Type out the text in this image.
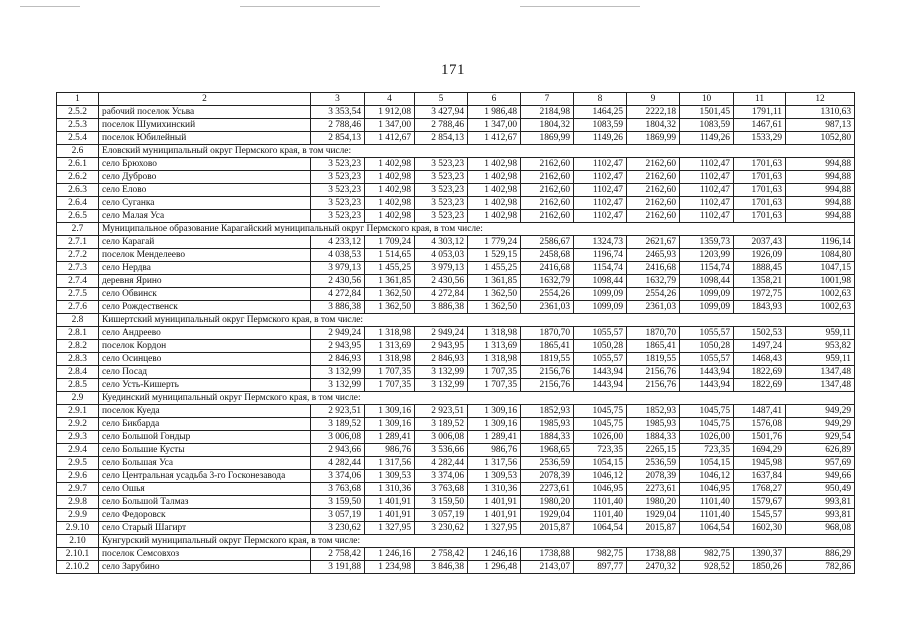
171
1	2	3	4	5	6	7	8	9	10	11	12
2.5.2	рабочий поселок Усьва	3 353,54	1 912,08	3 427,94	1 986,48	2184,98	1464,25	2222,18	1501,45	1791,11	1310,63
2.5.3	поселок Шумихинский	2 788,46	1 347,00	2 788,46	1 347,00	1804,32	1083,59	1804,32	1083,59	1467,61	987,13
2.5.4	поселок Юбилейный	2 854,13	1 412,67	2 854,13	1 412,67	1869,99	1149,26	1869,99	1149,26	1533,29	1052,80
2.6	Еловский муниципальный округ Пермского края, в том числе:										
2.6.1	село Брюхово	3 523,23	1 402,98	3 523,23	1 402,98	2162,60	1102,47	2162,60	1102,47	1701,63	994,88
2.6.2	село Дуброво	3 523,23	1 402,98	3 523,23	1 402,98	2162,60	1102,47	2162,60	1102,47	1701,63	994,88
2.6.3	село Елово	3 523,23	1 402,98	3 523,23	1 402,98	2162,60	1102,47	2162,60	1102,47	1701,63	994,88
2.6.4	село Суганка	3 523,23	1 402,98	3 523,23	1 402,98	2162,60	1102,47	2162,60	1102,47	1701,63	994,88
2.6.5	село Малая Уса	3 523,23	1 402,98	3 523,23	1 402,98	2162,60	1102,47	2162,60	1102,47	1701,63	994,88
2.7	Муниципальное образование Карагайский муниципальный округ Пермского края, в том числе:										
2.7.1	село Карагай	4 233,12	1 709,24	4 303,12	1 779,24	2586,67	1324,73	2621,67	1359,73	2037,43	1196,14
2.7.2	поселок Менделеево	4 038,53	1 514,65	4 053,03	1 529,15	2458,68	1196,74	2465,93	1203,99	1926,09	1084,80
2.7.3	село Нердва	3 979,13	1 455,25	3 979,13	1 455,25	2416,68	1154,74	2416,68	1154,74	1888,45	1047,15
2.7.4	деревня Ярино	2 430,56	1 361,85	2 430,56	1 361,85	1632,79	1098,44	1632,79	1098,44	1358,21	1001,98
2.7.5	село Обвинск	4 272,84	1 362,50	4 272,84	1 362,50	2554,26	1099,09	2554,26	1099,09	1972,75	1002,63
2.7.6	село Рождественск	3 886,38	1 362,50	3 886,38	1 362,50	2361,03	1099,09	2361,03	1099,09	1843,93	1002,63
2.8	Кишертский муниципальный округ Пермского края, в том числе:										
2.8.1	село Андреево	2 949,24	1 318,98	2 949,24	1 318,98	1870,70	1055,57	1870,70	1055,57	1502,53	959,11
2.8.2	поселок Кордон	2 943,95	1 313,69	2 943,95	1 313,69	1865,41	1050,28	1865,41	1050,28	1497,24	953,82
2.8.3	село Осинцево	2 846,93	1 318,98	2 846,93	1 318,98	1819,55	1055,57	1819,55	1055,57	1468,43	959,11
2.8.4	село Посад	3 132,99	1 707,35	3 132,99	1 707,35	2156,76	1443,94	2156,76	1443,94	1822,69	1347,48
2.8.5	село Усть-Кишерть	3 132,99	1 707,35	3 132,99	1 707,35	2156,76	1443,94	2156,76	1443,94	1822,69	1347,48
2.9	Куединский муниципальный округ Пермского края, в том числе:										
2.9.1	поселок Куеда	2 923,51	1 309,16	2 923,51	1 309,16	1852,93	1045,75	1852,93	1045,75	1487,41	949,29
2.9.2	село Бикбарда	3 189,52	1 309,16	3 189,52	1 309,16	1985,93	1045,75	1985,93	1045,75	1576,08	949,29
2.9.3	село Большой Гондыр	3 006,08	1 289,41	3 006,08	1 289,41	1884,33	1026,00	1884,33	1026,00	1501,76	929,54
2.9.4	село Большие Кусты	2 943,66	986,76	3 536,66	986,76	1968,65	723,35	2265,15	723,35	1694,29	626,89
2.9.5	село Большая Уса	4 282,44	1 317,56	4 282,44	1 317,56	2536,59	1054,15	2536,59	1054,15	1945,98	957,69
2.9.6	село Центральная усадьба 3-го Госконезавода	3 374,06	1 309,53	3 374,06	1 309,53	2078,39	1046,12	2078,39	1046,12	1637,84	949,66
2.9.7	село Ошья	3 763,68	1 310,36	3 763,68	1 310,36	2273,61	1046,95	2273,61	1046,95	1768,27	950,49
2.9.8	село Большой Талмаз	3 159,50	1 401,91	3 159,50	1 401,91	1980,20	1101,40	1980,20	1101,40	1579,67	993,81
2.9.9	село Федоровск	3 057,19	1 401,91	3 057,19	1 401,91	1929,04	1101,40	1929,04	1101,40	1545,57	993,81
2.9.10	село Старый Шагирт	3 230,62	1 327,95	3 230,62	1 327,95	2015,87	1064,54	2015,87	1064,54	1602,30	968,08
2.10	Кунгурский муниципальный округ Пермского края, в том числе:										
2.10.1	поселок Семсовхоз	2 758,42	1 246,16	2 758,42	1 246,16	1738,88	982,75	1738,88	982,75	1390,37	886,29
2.10.2	село Зарубино	3 191,88	1 234,98	3 846,38	1 296,48	2143,07	897,77	2470,32	928,52	1850,26	782,86
